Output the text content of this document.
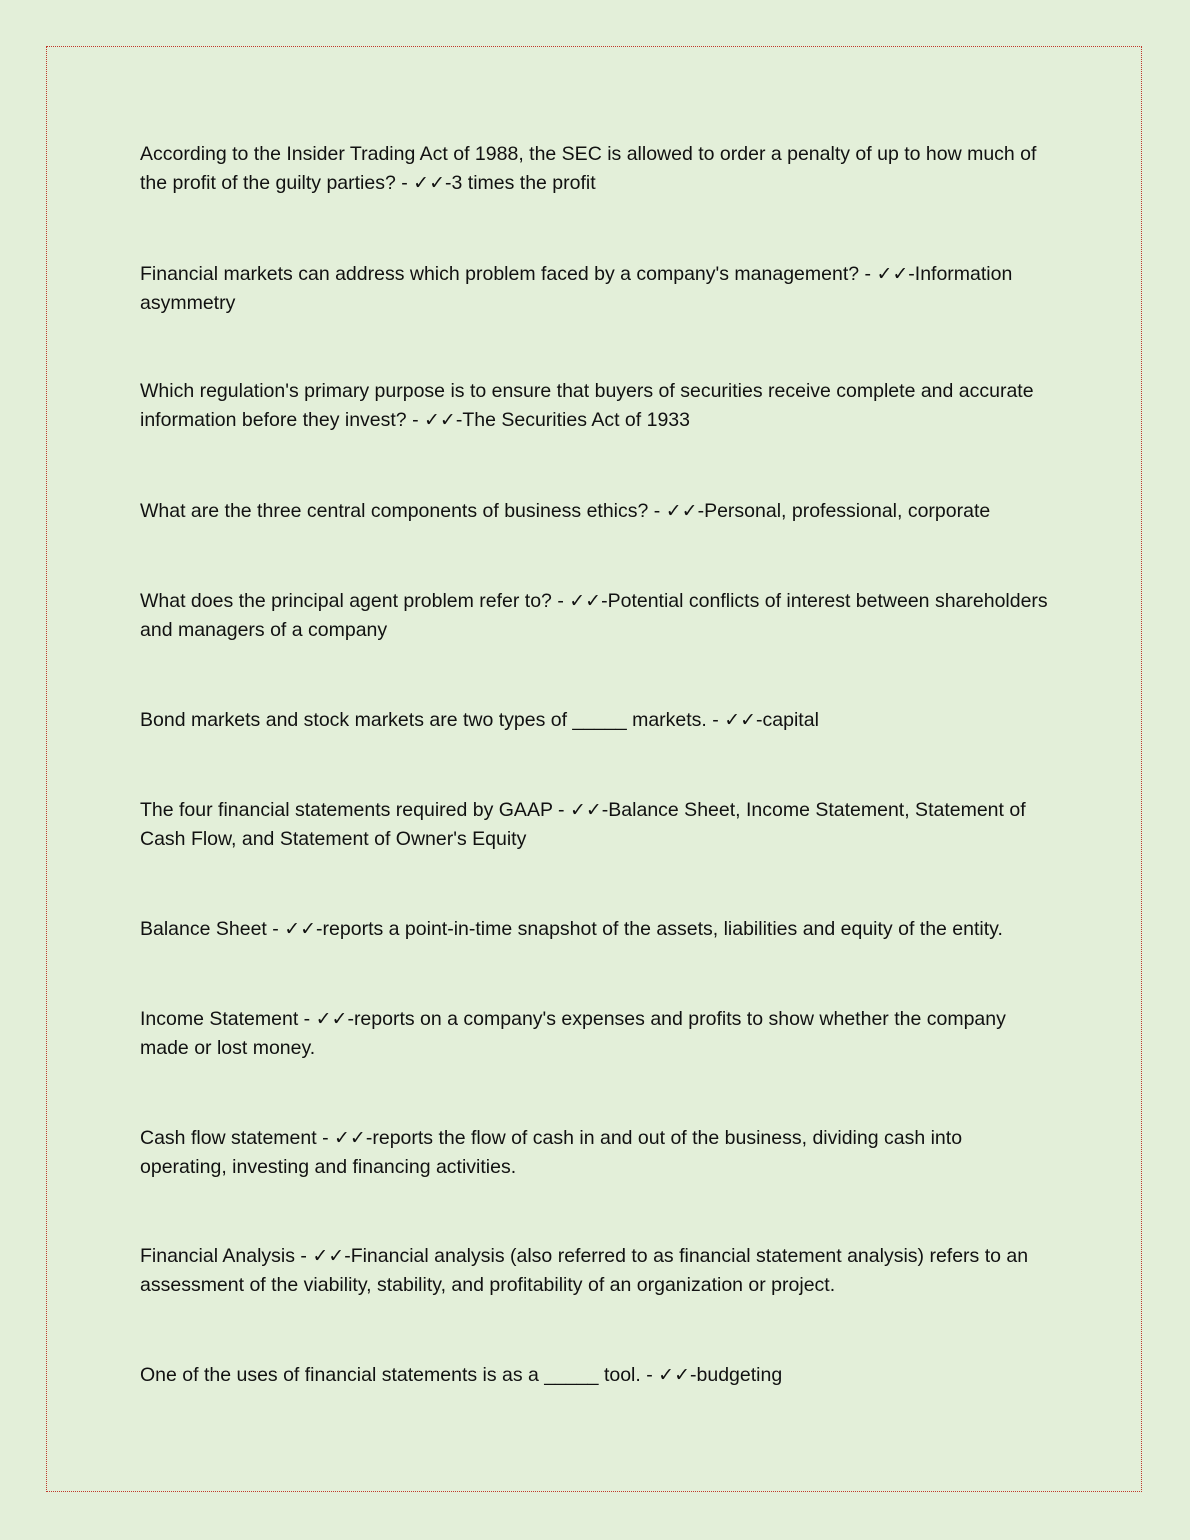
According to the Insider Trading Act of 1988, the SEC is allowed to order a penalty of up to how much of the profit of the guilty parties? - ✓✓-3 times the profit

Financial markets can address which problem faced by a company's management? - ✓✓-Information asymmetry

Which regulation's primary purpose is to ensure that buyers of securities receive complete and accurate information before they invest? - ✓✓-The Securities Act of 1933

What are the three central components of business ethics? - ✓✓-Personal, professional, corporate

What does the principal agent problem refer to? - ✓✓-Potential conflicts of interest between shareholders and managers of a company

Bond markets and stock markets are two types of _____ markets. - ✓✓-capital

The four financial statements required by GAAP - ✓✓-Balance Sheet, Income Statement, Statement of Cash Flow, and Statement of Owner's Equity

Balance Sheet - ✓✓-reports a point-in-time snapshot of the assets, liabilities and equity of the entity.

Income Statement - ✓✓-reports on a company's expenses and profits to show whether the company made or lost money.

Cash flow statement - ✓✓-reports the flow of cash in and out of the business, dividing cash into operating, investing and financing activities.

Financial Analysis - ✓✓-Financial analysis (also referred to as financial statement analysis) refers to an assessment of the viability, stability, and profitability of an organization or project.

One of the uses of financial statements is as a _____ tool. - ✓✓-budgeting
